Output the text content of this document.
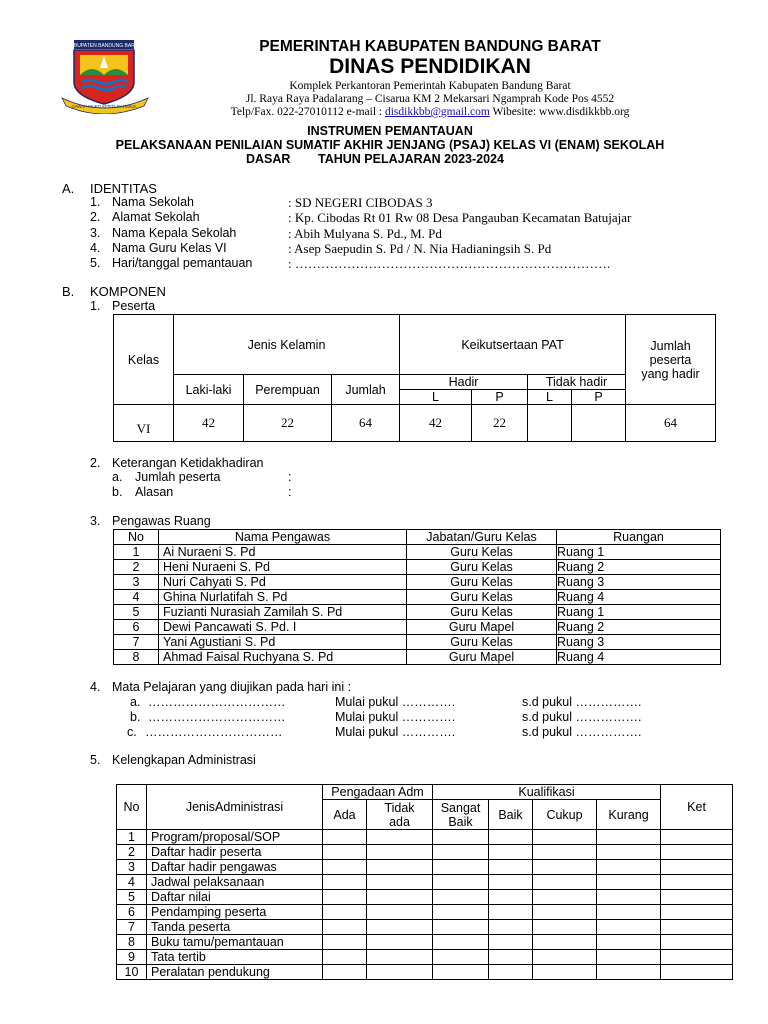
KABUPATEN BANDUNG BARAT
GAWAH MUKTI KERTA RAHARJA
PEMERINTAH KABUPATEN BANDUNG BARAT
DINAS PENDIDIKAN
Komplek Perkantoran Pemerintah Kabupaten Bandung Barat
Jl. Raya Raya Padalarang – Cisarua KM 2 Mekarsari Ngamprah Kode Pos 4552
Telp/Fax. 022-27010112 e-mail : disdikkbb@gmail.com Wibesite: www.disdikkbb.org
INSTRUMEN PEMANTAUAN
PELAKSANAAN PENILAIAN SUMATIF AKHIR JENJANG (PSAJ) KELAS VI (ENAM) SEKOLAH
DASAR TAHUN PELAJARAN 2023-2024
A. IDENTITAS
1. Nama Sekolah	: SD NEGERI CIBODAS 3
2. Alamat Sekolah	: Kp. Cibodas Rt 01 Rw 08 Desa Pangauban Kecamatan Batujajar
3. Nama Kepala Sekolah	: Abih Mulyana S. Pd., M. Pd
4. Nama Guru Kelas VI	: Asep Saepudin S. Pd / N. Nia Hadianingsih S. Pd
5. Hari/tanggal pemantauan	: ……………………………………………………………….
B. KOMPONEN
1. Peserta
Kelas	Jenis Kelamin			Keikutsertaan PAT				Jumlah peserta yang hadir
	Laki-laki	Perempuan	Jumlah	Hadir		Tidak hadir		
				L	P	L	P	
VI	42	22	64	42	22			64
2. Keterangan Ketidakhadiran
a. Jumlah peserta	:
b. Alasan	:
3. Pengawas Ruang
No	Nama Pengawas	Jabatan/Guru Kelas	Ruangan
1	Ai Nuraeni S. Pd	Guru Kelas	Ruang 1
2	Heni Nuraeni S. Pd	Guru Kelas	Ruang 2
3	Nuri Cahyati S. Pd	Guru Kelas	Ruang 3
4	Ghina Nurlatifah S. Pd	Guru Kelas	Ruang 4
5	Fuzianti Nurasiah Zamilah S. Pd	Guru Kelas	Ruang 1
6	Dewi Pancawati S. Pd. I	Guru Mapel	Ruang 2
7	Yani Agustiani S. Pd	Guru Kelas	Ruang 3
8	Ahmad Faisal Ruchyana S. Pd	Guru Mapel	Ruang 4
4. Mata Pelajaran yang diujikan pada hari ini :
a. ……………………………	Mulai pukul ………….	s.d pukul …………….
b. ……………………………	Mulai pukul ………….	s.d pukul …………….
c. ……………………………	Mulai pukul ………….	s.d pukul …………….
5. Kelengkapan Administrasi
No	JenisAdministrasi	Pengadaan Adm		Kualifikasi				Ket
		Ada	Tidak ada	Sangat Baik	Baik	Cukup	Kurang	
1	Program/proposal/SOP							
2	Daftar hadir peserta							
3	Daftar hadir pengawas							
4	Jadwal pelaksanaan							
5	Daftar nilai							
6	Pendamping peserta							
7	Tanda peserta							
8	Buku tamu/pemantauan							
9	Tata tertib							
10	Peralatan pendukung							
